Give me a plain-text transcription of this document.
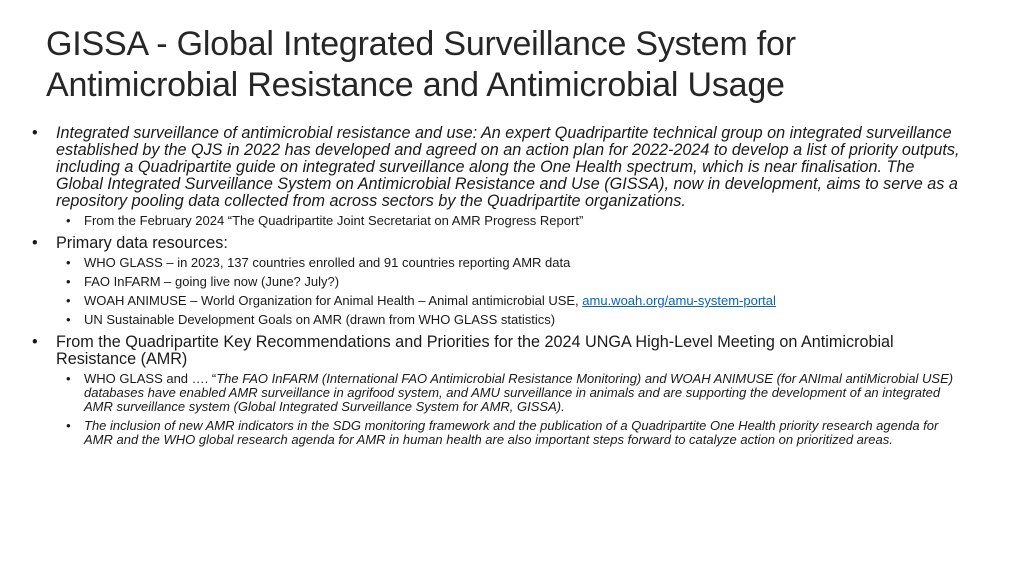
GISSA - Global Integrated Surveillance System for
Antimicrobial Resistance and Antimicrobial Usage
• Integrated surveillance of antimicrobial resistance and use: An expert Quadripartite technical group on integrated surveillance established by the QJS in 2022 has developed and agreed on an action plan for 2022-2024 to develop a list of priority outputs, including a Quadripartite guide on integrated surveillance along the One Health spectrum, which is near finalisation. The Global Integrated Surveillance System on Antimicrobial Resistance and Use (GISSA), now in development, aims to serve as a repository pooling data collected from across sectors by the Quadripartite organizations.
• From the February 2024 “The Quadripartite Joint Secretariat on AMR Progress Report”
• Primary data resources:
• WHO GLASS – in 2023, 137 countries enrolled and 91 countries reporting AMR data
• FAO InFARM – going live now (June? July?)
• WOAH ANIMUSE – World Organization for Animal Health – Animal antimicrobial USE, amu.woah.org/amu-system-portal
• UN Sustainable Development Goals on AMR (drawn from WHO GLASS statistics)
• From the Quadripartite Key Recommendations and Priorities for the 2024 UNGA High-Level Meeting on Antimicrobial Resistance (AMR)
• WHO GLASS and …. “The FAO InFARM (International FAO Antimicrobial Resistance Monitoring) and WOAH ANIMUSE (for ANImal antiMicrobial USE) databases have enabled AMR surveillance in agrifood system, and AMU surveillance in animals and are supporting the development of an integrated AMR surveillance system (Global Integrated Surveillance System for AMR, GISSA).
• The inclusion of new AMR indicators in the SDG monitoring framework and the publication of a Quadripartite One Health priority research agenda for AMR and the WHO global research agenda for AMR in human health are also important steps forward to catalyze action on prioritized areas.
